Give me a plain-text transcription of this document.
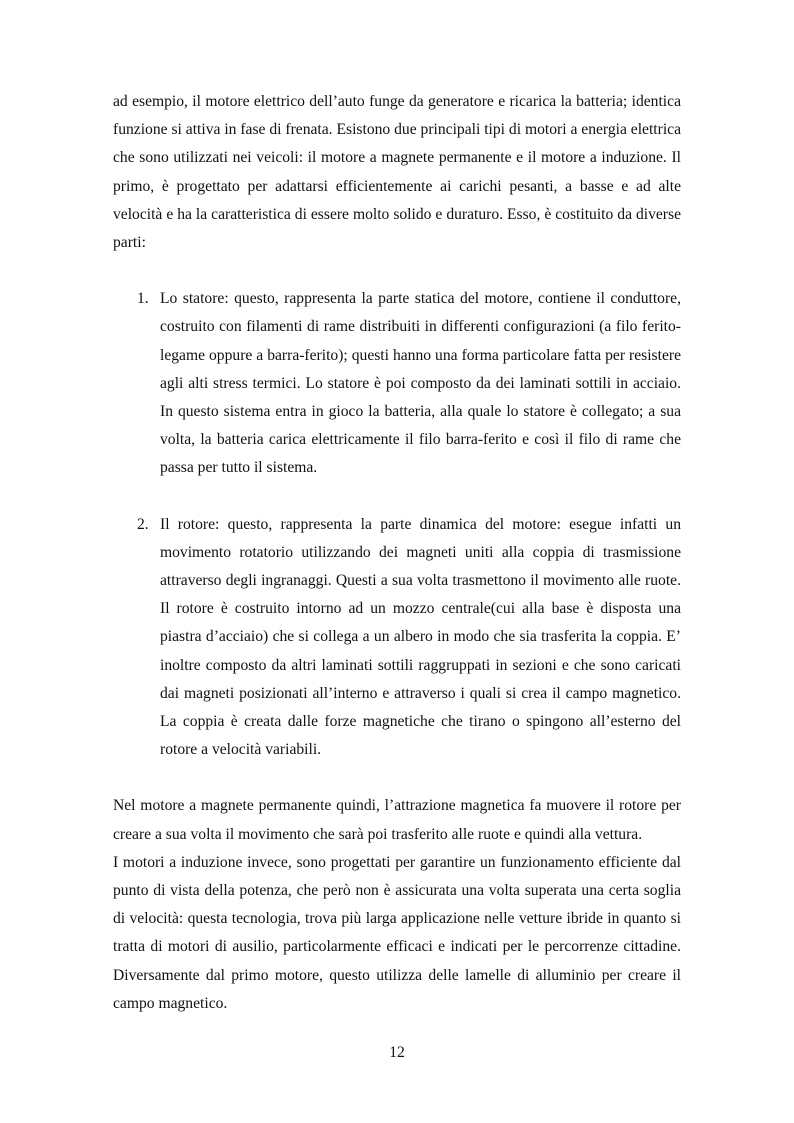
ad esempio, il motore elettrico dell’auto funge da generatore e ricarica la batteria; identica funzione si attiva in fase di frenata. Esistono due principali tipi di motori a energia elettrica che sono utilizzati nei veicoli: il motore a magnete permanente e il motore a induzione. Il primo, è progettato per adattarsi efficientemente ai carichi pesanti, a basse e ad alte velocità e ha la caratteristica di essere molto solido e duraturo. Esso, è costituito da diverse parti:

1. Lo statore: questo, rappresenta la parte statica del motore, contiene il conduttore, costruito con filamenti di rame distribuiti in differenti configurazioni (a filo ferito-legame oppure a barra-ferito); questi hanno una forma particolare fatta per resistere agli alti stress termici. Lo statore è poi composto da dei laminati sottili in acciaio. In questo sistema entra in gioco la batteria, alla quale lo statore è collegato; a sua volta, la batteria carica elettricamente il filo barra-ferito e così il filo di rame che passa per tutto il sistema.

2. Il rotore: questo, rappresenta la parte dinamica del motore: esegue infatti un movimento rotatorio utilizzando dei magneti uniti alla coppia di trasmissione attraverso degli ingranaggi. Questi a sua volta trasmettono il movimento alle ruote. Il rotore è costruito intorno ad un mozzo centrale(cui alla base è disposta una piastra d’acciaio) che si collega a un albero in modo che sia trasferita la coppia. E’ inoltre composto da altri laminati sottili raggruppati in sezioni e che sono caricati dai magneti posizionati all’interno e attraverso i quali si crea il campo magnetico. La coppia è creata dalle forze magnetiche che tirano o spingono all’esterno del rotore a velocità variabili.

Nel motore a magnete permanente quindi, l’attrazione magnetica fa muovere il rotore per creare a sua volta il movimento che sarà poi trasferito alle ruote e quindi alla vettura.

I motori a induzione invece, sono progettati per garantire un funzionamento efficiente dal punto di vista della potenza, che però non è assicurata una volta superata una certa soglia di velocità: questa tecnologia, trova più larga applicazione nelle vetture ibride in quanto si tratta di motori di ausilio, particolarmente efficaci e indicati per le percorrenze cittadine. Diversamente dal primo motore, questo utilizza delle lamelle di alluminio per creare il campo magnetico.

12
